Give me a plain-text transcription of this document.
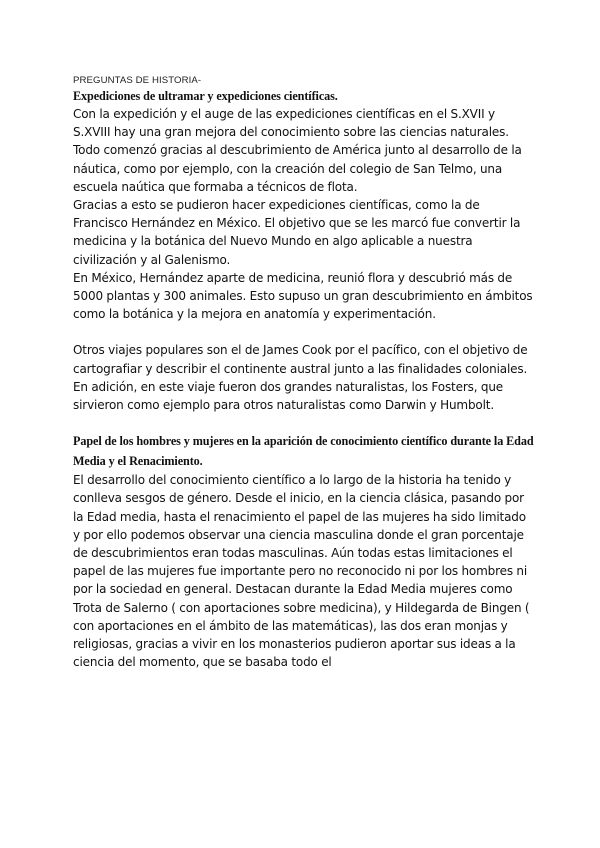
PREGUNTAS DE HISTORIA-

Expediciones de ultramar y expediciones científicas.

Con la expedición y el auge de las expediciones científicas en el S.XVII y S.XVIII hay una gran mejora del conocimiento sobre las ciencias naturales.

Todo comenzó gracias al descubrimiento de América junto al desarrollo de la náutica, como por ejemplo, con la creación del colegio de San Telmo, una escuela naútica que formaba a técnicos de flota.

Gracias a esto se pudieron hacer expediciones científicas, como la de Francisco Hernández en México. El objetivo que se les marcó fue convertir la medicina y la botánica del Nuevo Mundo en algo aplicable a nuestra civilización y al Galenismo.

En México, Hernández aparte de medicina, reunió flora y descubrió más de 5000 plantas y 300 animales. Esto supuso un gran descubrimiento en ámbitos como la botánica y la mejora en anatomía y experimentación.

Otros viajes populares son el de James Cook por el pacífico, con el objetivo de cartografiar y describir el continente austral junto a las finalidades coloniales. En adición, en este viaje fueron dos grandes naturalistas, los Fosters, que sirvieron como ejemplo para otros naturalistas como Darwin y Humbolt.

Papel de los hombres y mujeres en la aparición de conocimiento científico durante la Edad Media y el Renacimiento.

El desarrollo del conocimiento científico a lo largo de la historia ha tenido y conlleva sesgos de género. Desde el inicio, en la ciencia clásica, pasando por la Edad media, hasta el renacimiento el papel de las mujeres ha sido limitado y por ello podemos observar una ciencia masculina donde el gran porcentaje de descubrimientos eran todas masculinas. Aún todas estas limitaciones el papel de las mujeres fue importante pero no reconocido ni por los hombres ni por la sociedad en general. Destacan durante la Edad Media mujeres como Trota de Salerno ( con aportaciones sobre medicina), y Hildegarda de Bingen ( con aportaciones en el ámbito de las matemáticas), las dos eran monjas y religiosas, gracias a vivir en los monasterios pudieron aportar sus ideas a la ciencia del momento, que se basaba todo el
